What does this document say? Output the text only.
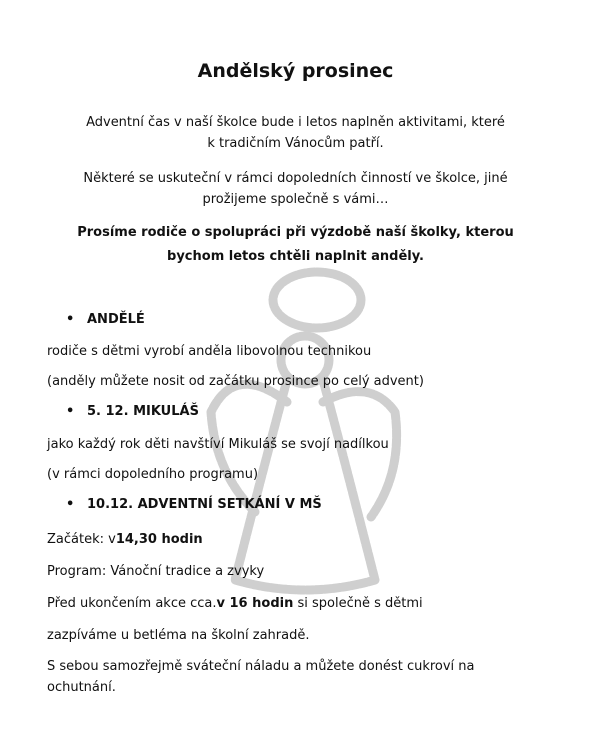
Andělský prosinec

Adventní čas v naší školce bude i letos naplněn aktivitami, které

k tradičním Vánocům patří.

Některé se uskuteční v rámci dopoledních činností ve školce, jiné

prožijeme společně s vámi…

Prosíme rodiče o spolupráci při výzdobě naší školky, kterou

bychom letos chtěli naplnit anděly.

• ANDĚLÉ

rodiče s dětmi vyrobí anděla libovolnou technikou

(anděly můžete nosit od začátku prosince po celý advent)

• 5. 12. MIKULÁŠ

jako každý rok děti navštíví Mikuláš se svojí nadílkou

(v rámci dopoledního programu)

• 10.12. ADVENTNÍ SETKÁNÍ V MŠ

Začátek: v14,30 hodin

Program: Vánoční tradice a zvyky

Před ukončením akce cca.v 16 hodin si společně s dětmi

zazpíváme u betléma na školní zahradě.

S sebou samozřejmě sváteční náladu a můžete donést cukroví na ochutnání.
